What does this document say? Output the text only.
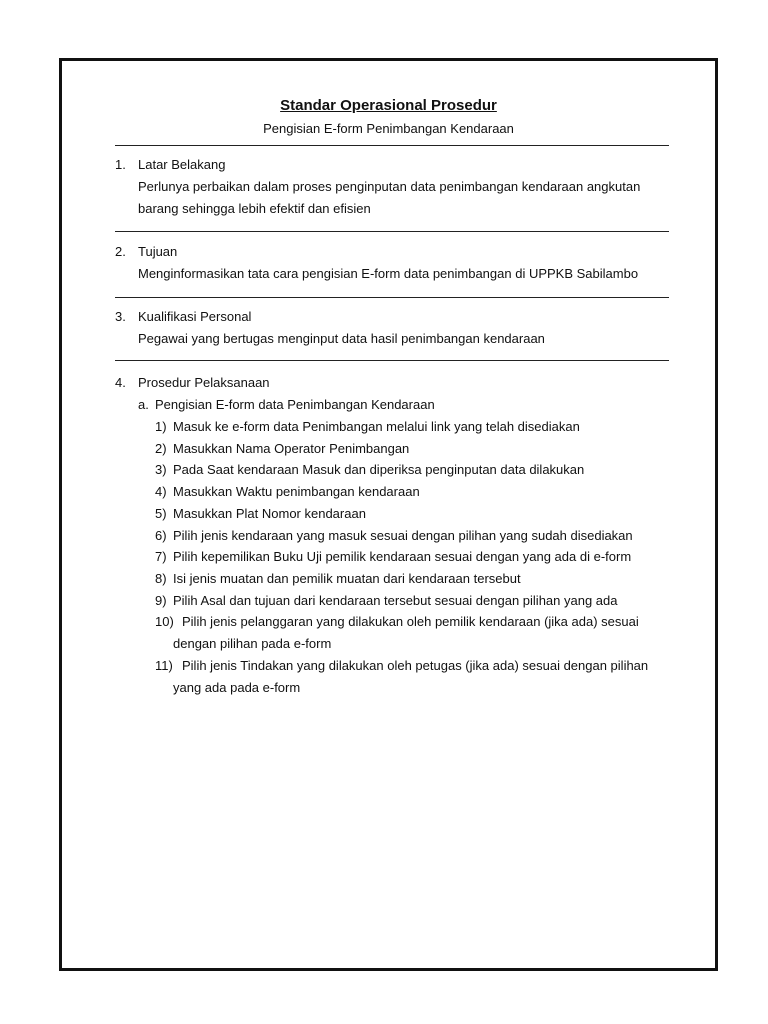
Standar Operasional Prosedur
Pengisian E-form Penimbangan Kendaraan
1. Latar Belakang
Perlunya perbaikan dalam proses penginputan data penimbangan kendaraan angkutan
barang sehingga lebih efektif dan efisien
2. Tujuan
Menginformasikan tata cara pengisian E-form data penimbangan di UPPKB Sabilambo
3. Kualifikasi Personal
Pegawai yang bertugas menginput data hasil penimbangan kendaraan
4. Prosedur Pelaksanaan
a. Pengisian E-form data Penimbangan Kendaraan
1) Masuk ke e-form data Penimbangan melalui link yang telah disediakan
2) Masukkan Nama Operator Penimbangan
3) Pada Saat kendaraan Masuk dan diperiksa penginputan data dilakukan
4) Masukkan Waktu penimbangan kendaraan
5) Masukkan Plat Nomor kendaraan
6) Pilih jenis kendaraan yang masuk sesuai dengan pilihan yang sudah disediakan
7) Pilih kepemilikan Buku Uji pemilik kendaraan sesuai dengan yang ada di e-form
8) Isi jenis muatan dan pemilik muatan dari kendaraan tersebut
9) Pilih Asal dan tujuan dari kendaraan tersebut sesuai dengan pilihan yang ada
10) Pilih jenis pelanggaran yang dilakukan oleh pemilik kendaraan (jika ada) sesuai
dengan pilihan pada e-form
11) Pilih jenis Tindakan yang dilakukan oleh petugas (jika ada) sesuai dengan pilihan
yang ada pada e-form
